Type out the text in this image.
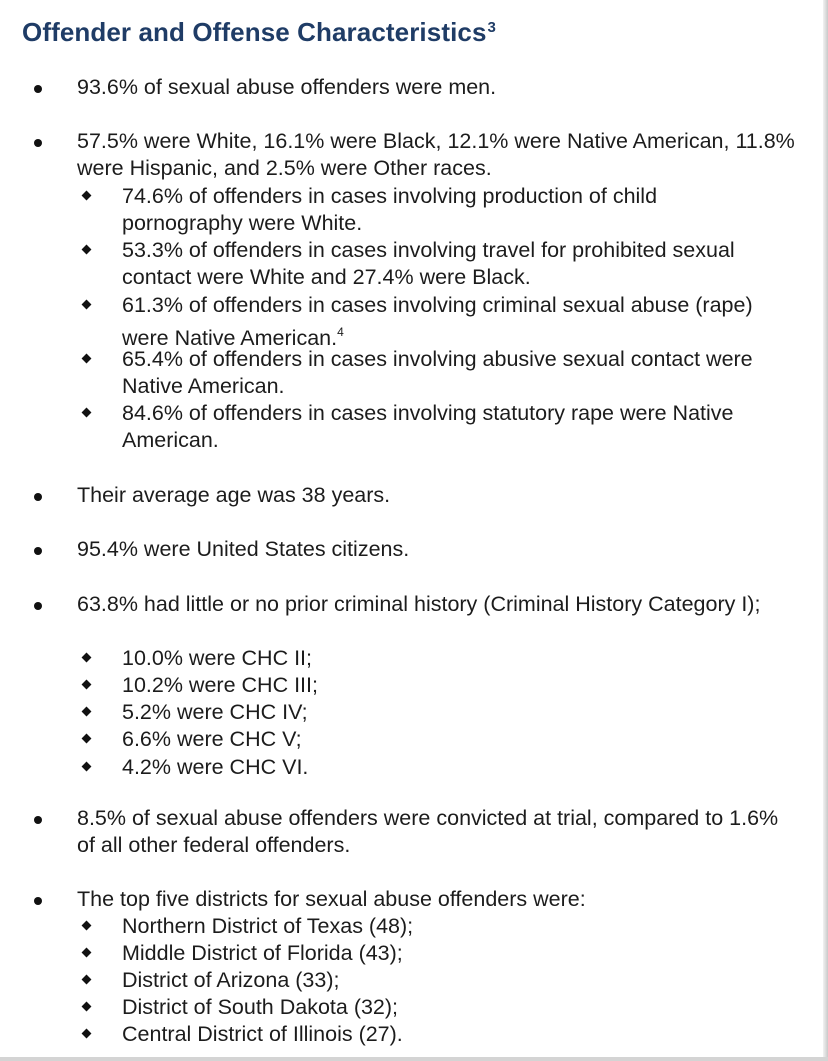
Offender and Offense Characteristics$^3$
93.6% of sexual abuse offenders were men.
57.5% were White, 16.1% were Black, 12.1% were Native American, 11.8% were Hispanic, and 2.5% were Other races.
74.6% of offenders in cases involving production of child pornography were White.
53.3% of offenders in cases involving travel for prohibited sexual contact were White and 27.4% were Black.
61.3% of offenders in cases involving criminal sexual abuse (rape) were Native American.$^4$
65.4% of offenders in cases involving abusive sexual contact were Native American.
84.6% of offenders in cases involving statutory rape were Native American.
Their average age was 38 years.
95.4% were United States citizens.
63.8% had little or no prior criminal history (Criminal History Category I);
10.0% were CHC II;
10.2% were CHC III;
5.2% were CHC IV;
6.6% were CHC V;
4.2% were CHC VI.
8.5% of sexual abuse offenders were convicted at trial, compared to 1.6% of all other federal offenders.
The top five districts for sexual abuse offenders were:
Northern District of Texas (48);
Middle District of Florida (43);
District of Arizona (33);
District of South Dakota (32);
Central District of Illinois (27).
